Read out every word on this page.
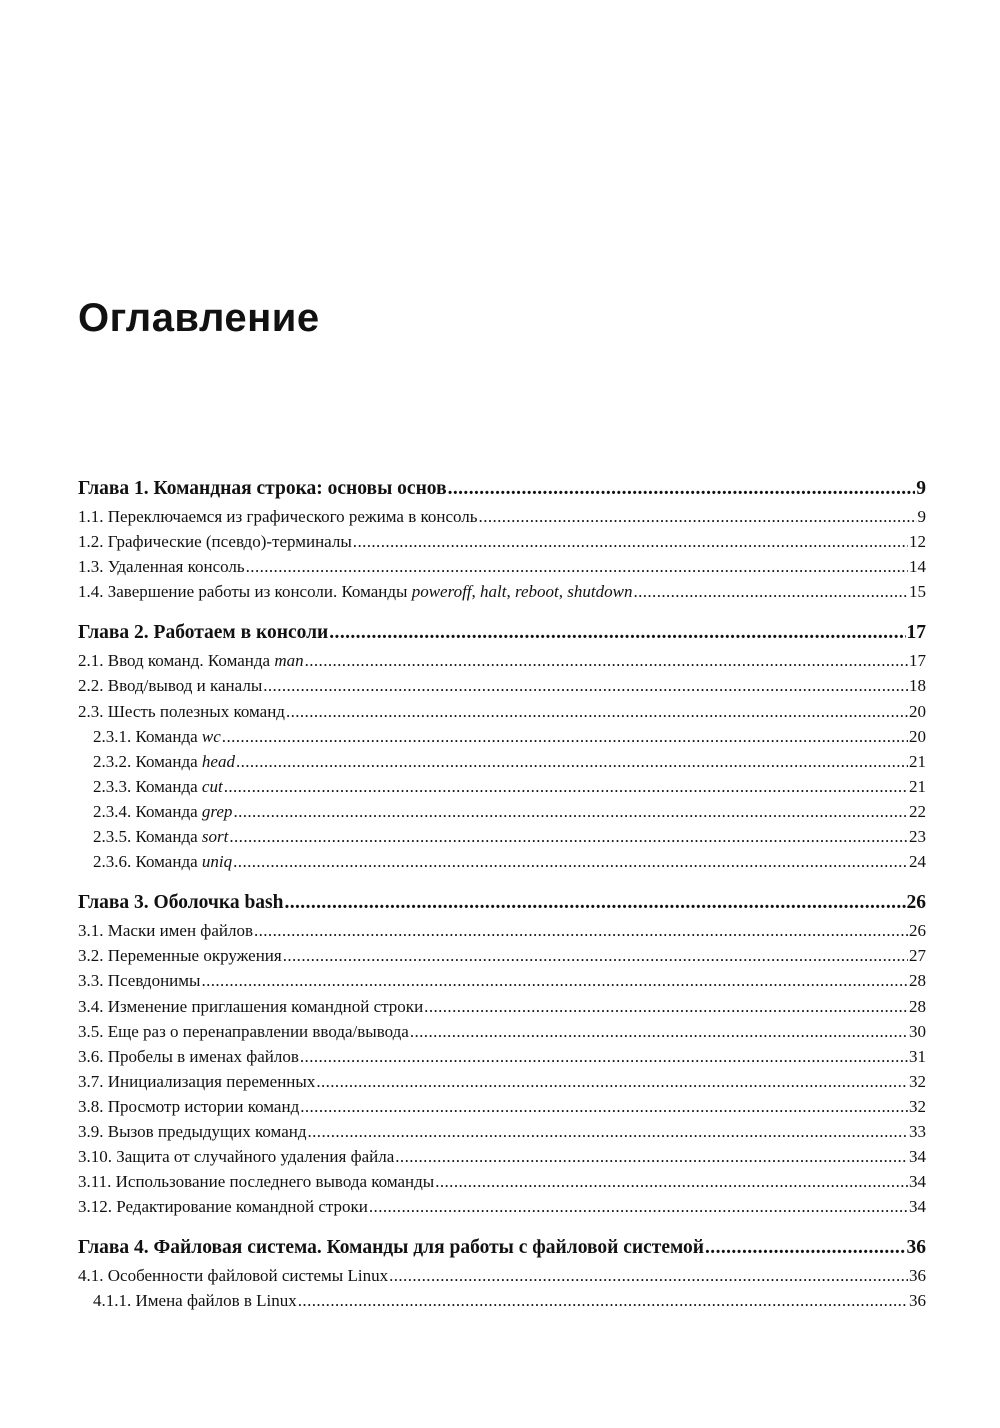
Оглавление
Глава 1. Командная строка: основы основ .....	9
1.1. Переключаемся из графического режима в консоль .....	9
1.2. Графические (псевдо)-терминалы .....	12
1.3. Удаленная консоль .....	14
1.4. Завершение работы из консоли. Команды poweroff, halt, reboot, shutdown .....	15
Глава 2. Работаем в консоли .....	17
2.1. Ввод команд. Команда man .....	17
2.2. Ввод/вывод и каналы .....	18
2.3. Шесть полезных команд .....	20
2.3.1. Команда wc .....	20
2.3.2. Команда head .....	21
2.3.3. Команда cut .....	21
2.3.4. Команда grep .....	22
2.3.5. Команда sort .....	23
2.3.6. Команда uniq .....	24
Глава 3. Оболочка bash .....	26
3.1. Маски имен файлов .....	26
3.2. Переменные окружения .....	27
3.3. Псевдонимы .....	28
3.4. Изменение приглашения командной строки .....	28
3.5. Еще раз о перенаправлении ввода/вывода .....	30
3.6. Пробелы в именах файлов .....	31
3.7. Инициализация переменных .....	32
3.8. Просмотр истории команд .....	32
3.9. Вызов предыдущих команд .....	33
3.10. Защита от случайного удаления файла .....	34
3.11. Использование последнего вывода команды .....	34
3.12. Редактирование командной строки .....	34
Глава 4. Файловая система. Команды для работы с файловой системой .....	36
4.1. Особенности файловой системы Linux .....	36
4.1.1. Имена файлов в Linux .....	36
